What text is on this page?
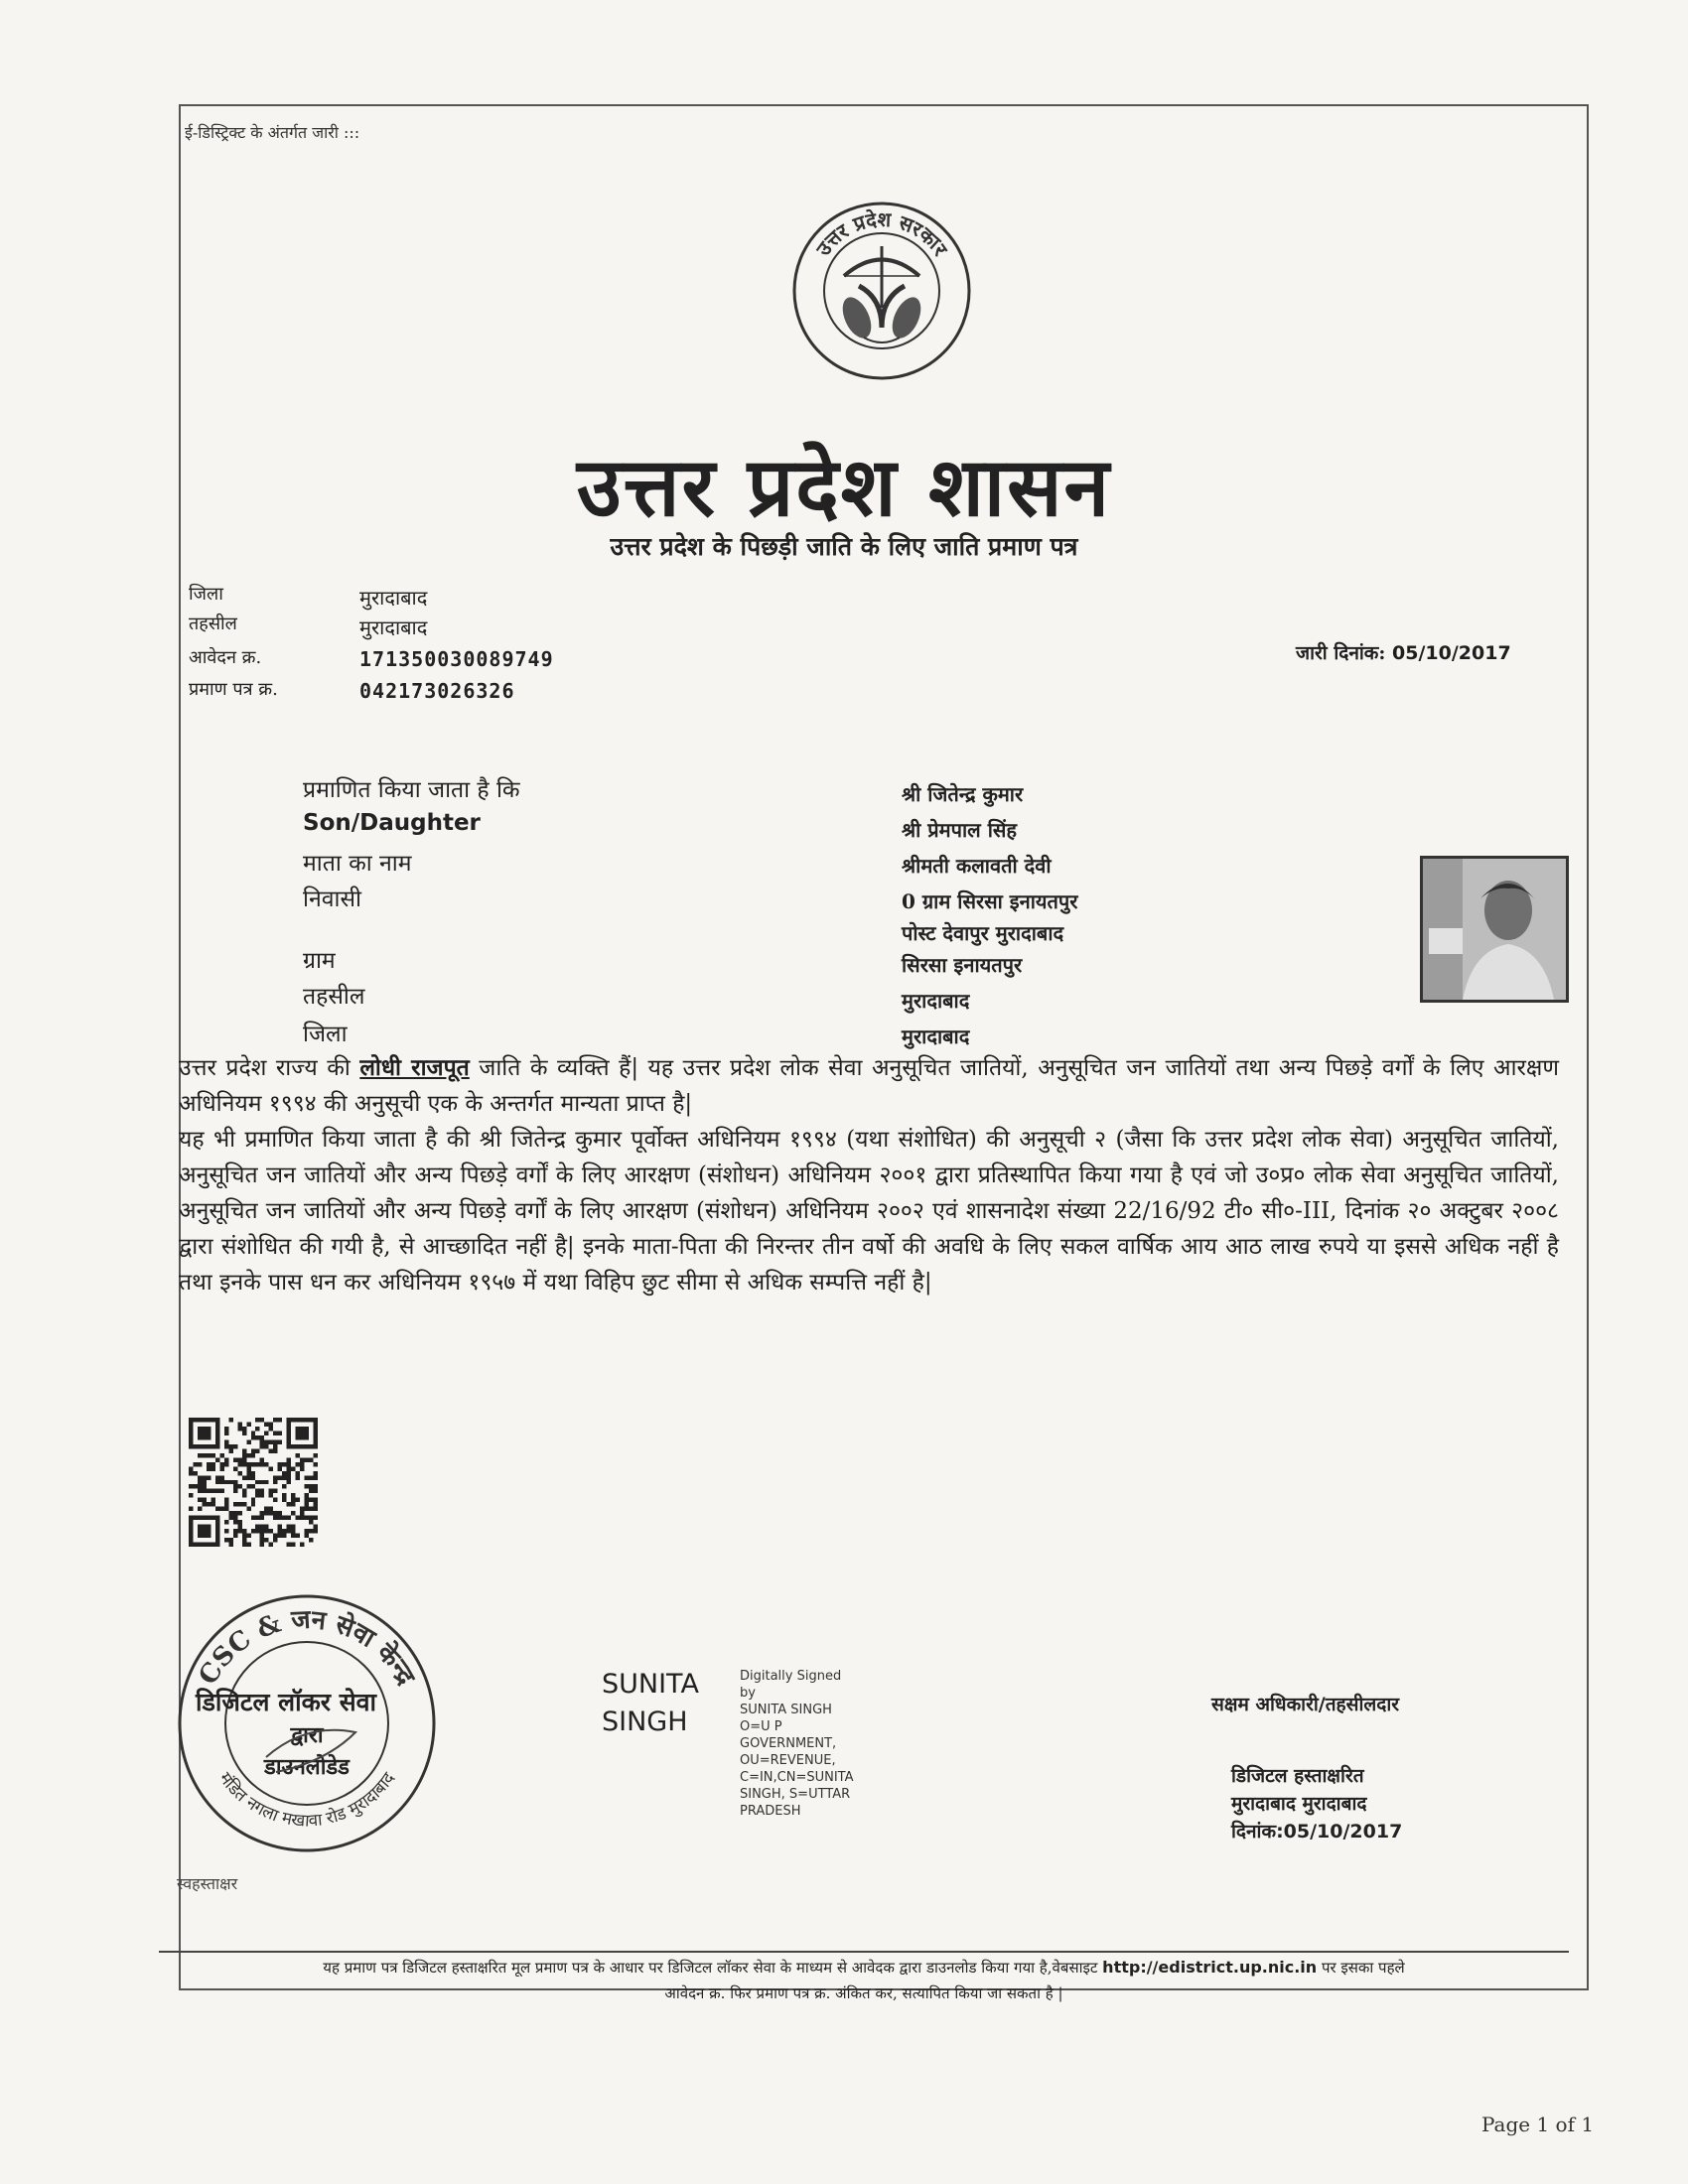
ई-डिस्ट्रिक्ट के अंतर्गत जारी :::
उत्तर प्रदेश सरकार
उत्तर प्रदेश शासन
उत्तर प्रदेश के पिछड़ी जाति के लिए जाति प्रमाण पत्र
जिला	मुरादाबाद
तहसील	मुरादाबाद
आवेदन क्र.	171350030089749
प्रमाण पत्र क्र.	042173026326
जारी दिनांक: 05/10/2017
प्रमाणित किया जाता है कि	श्री जितेन्द्र कुमार
Son/Daughter	श्री प्रेमपाल सिंह
माता का नाम	श्रीमती कलावती देवी
निवासी	0 ग्राम सिरसा इनायतपुर
पोस्ट देवापुर मुरादाबाद
ग्राम	सिरसा इनायतपुर
तहसील	मुरादाबाद
जिला	मुरादाबाद
उत्तर प्रदेश राज्य की लोधी राजपूत जाति के व्यक्ति हैं| यह उत्तर प्रदेश लोक सेवा अनुसूचित जातियों, अनुसूचित जन जातियों तथा अन्य पिछड़े वर्गों के लिए आरक्षण अधिनियम १९९४ की अनुसूची एक के अन्तर्गत मान्यता प्राप्त है|
यह भी प्रमाणित किया जाता है की श्री जितेन्द्र कुमार पूर्वोक्त अधिनियम १९९४ (यथा संशोधित) की अनुसूची २ (जैसा कि उत्तर प्रदेश लोक सेवा) अनुसूचित जातियों, अनुसूचित जन जातियों और अन्य पिछड़े वर्गों के लिए आरक्षण (संशोधन) अधिनियम २००१ द्वारा प्रतिस्थापित किया गया है एवं जो उ०प्र० लोक सेवा अनुसूचित जातियों, अनुसूचित जन जातियों और अन्य पिछड़े वर्गों के लिए आरक्षण (संशोधन) अधिनियम २००२ एवं शासनादेश संख्या 22/16/92 टी० सी०-III, दिनांक २० अक्टुबर २००८ द्वारा संशोधित की गयी है, से आच्छादित नहीं है| इनके माता-पिता की निरन्तर तीन वर्षो की अवधि के लिए सकल वार्षिक आय आठ लाख रुपये या इससे अधिक नहीं है तथा इनके पास धन कर अधिनियम १९५७ में यथा विहिप छुट सीमा से अधिक सम्पत्ति नहीं है|
CSC & जन सेवा केन्द्र
मंडित नगला मखावा रोड मुरादाबाद
डिजिटल लॉकर सेवा
द्वारा
डाउनलोडेड
SUNITA
SINGH
Digitally Signed
by
SUNITA SINGH
O=U P
GOVERNMENT,
OU=REVENUE,
C=IN,CN=SUNITA
SINGH, S=UTTAR
PRADESH
सक्षम अधिकारी/तहसीलदार
डिजिटल हस्ताक्षरित
मुरादाबाद मुरादाबाद
दिनांक:05/10/2017
स्वहस्ताक्षर
यह प्रमाण पत्र डिजिटल हस्ताक्षरित मूल प्रमाण पत्र के आधार पर डिजिटल लॉकर सेवा के माध्यम से आवेदक द्वारा डाउनलोड किया गया है,वेबसाइट http://edistrict.up.nic.in पर इसका पहले
आवेदन क्र. फिर प्रमाण पत्र क्र. अंकित कर, सत्यापित किया जा सकता है |
Page 1 of 1
